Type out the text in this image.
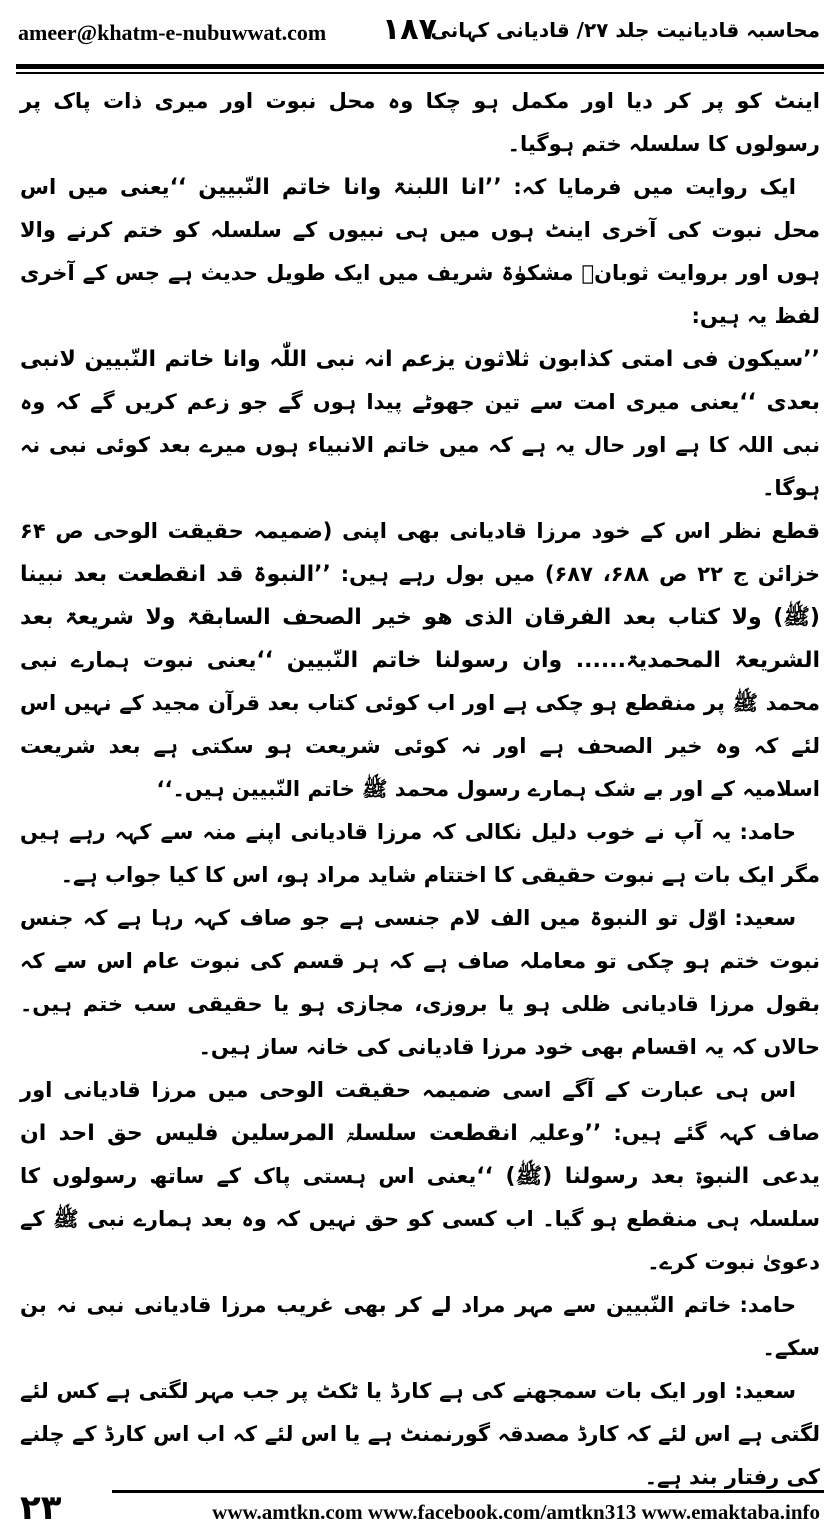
ameer@khatm-e-nubuwwat.com ۱۸۷
محاسبہ قادیانیت جلد ۲۷/ قادیانی کہانی

اینٹ کو پر کر دیا اور مکمل ہو چکا وہ محل نبوت اور میری ذات پاک پر رسولوں کا سلسلہ ختم ہوگیا۔

ایک روایت میں فرمایا کہ: ’’انا اللبنۃ وانا خاتم النّبیین ‘‘یعنی میں اس محل نبوت کی آخری اینٹ ہوں میں ہی نبیوں کے سلسلہ کو ختم کرنے والا ہوں اور بروایت ثوبانؓ مشکوٰۃ شریف میں ایک طویل حدیث ہے جس کے آخری لفظ یہ ہیں:

’’سیکون فی امتی کذابون ثلاثون یزعم انہ نبی اللّٰہ وانا خاتم النّبیین لانبی بعدی ‘‘یعنی میری امت سے تین جھوٹے پیدا ہوں گے جو زعم کریں گے کہ وہ نبی اللہ کا ہے اور حال یہ ہے کہ میں خاتم الانبیاء ہوں میرے بعد کوئی نبی نہ ہوگا۔

قطع نظر اس کے خود مرزا قادیانی بھی اپنی (ضمیمہ حقیقت الوحی ص ۶۴ خزائن ج ۲۲ ص ۶۸۸، ۶۸۷) میں بول رہے ہیں: ’’النبوۃ قد انقطعت بعد نبینا (ﷺ) ولا کتاب بعد الفرقان الذی ھو خیر الصحف السابقۃ ولا شریعۃ بعد الشریعۃ المحمدیۃ...... وان رسولنا خاتم النّبیین ‘‘یعنی نبوت ہمارے نبی محمد ﷺ پر منقطع ہو چکی ہے اور اب کوئی کتاب بعد قرآن مجید کے نہیں اس لئے کہ وہ خیر الصحف ہے اور نہ کوئی شریعت ہو سکتی ہے بعد شریعت اسلامیہ کے اور بے شک ہمارے رسول محمد ﷺ خاتم النّبیین ہیں۔‘‘

حامد:یہ آپ نے خوب دلیل نکالی کہ مرزا قادیانی اپنے منہ سے کہہ رہے ہیں مگر ایک بات ہے نبوت حقیقی کا اختتام شاید مراد ہو، اس کا کیا جواب ہے۔

سعید:اوّل تو النبوۃ میں الف لام جنسی ہے جو صاف کہہ رہا ہے کہ جنس نبوت ختم ہو چکی تو معاملہ صاف ہے کہ ہر قسم کی نبوت عام اس سے کہ بقول مرزا قادیانی ظلی ہو یا بروزی، مجازی ہو یا حقیقی سب ختم ہیں۔ حالاں کہ یہ اقسام بھی خود مرزا قادیانی کی خانہ ساز ہیں۔

اس ہی عبارت کے آگے اسی ضمیمہ حقیقت الوحی میں مرزا قادیانی اور صاف کہہ گئے ہیں: ’’وعلیہ انقطعت سلسلۃ المرسلین فلیس حق احد ان یدعی النبوۃ بعد رسولنا (ﷺ) ‘‘یعنی اس ہستی پاک کے ساتھ رسولوں کا سلسلہ ہی منقطع ہو گیا۔ اب کسی کو حق نہیں کہ وہ بعد ہمارے نبی ﷺ کے دعویٰ نبوت کرے۔

حامد:خاتم النّبیین سے مہر مراد لے کر بھی غریب مرزا قادیانی نبی نہ بن سکے۔

سعید:اور ایک بات سمجھنے کی ہے کارڈ یا ٹکٹ پر جب مہر لگتی ہے کس لئے لگتی ہے اس لئے کہ کارڈ مصدقہ گورنمنٹ ہے یا اس لئے کہ اب اس کارڈ کے چلنے کی رفتار بند ہے۔

۲۳	www.amtkn.com www.facebook.com/amtkn313 www.emaktaba.info
